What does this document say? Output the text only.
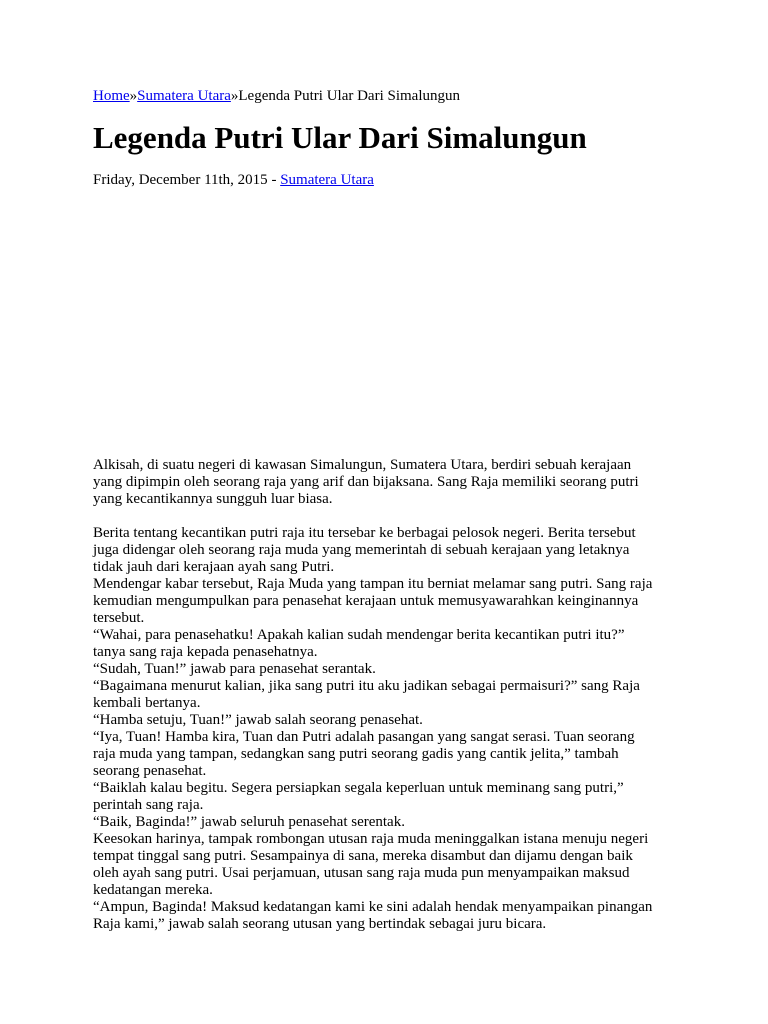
Home»Sumatera Utara»Legenda Putri Ular Dari Simalungun
Legenda Putri Ular Dari Simalungun
Friday, December 11th, 2015 - Sumatera Utara

Alkisah, di suatu negeri di kawasan Simalungun, Sumatera Utara, berdiri sebuah kerajaan
yang dipimpin oleh seorang raja yang arif dan bijaksana. Sang Raja memiliki seorang putri
yang kecantikannya sungguh luar biasa.

Berita tentang kecantikan putri raja itu tersebar ke berbagai pelosok negeri. Berita tersebut
juga didengar oleh seorang raja muda yang memerintah di sebuah kerajaan yang letaknya
tidak jauh dari kerajaan ayah sang Putri.

Mendengar kabar tersebut, Raja Muda yang tampan itu berniat melamar sang putri. Sang raja
kemudian mengumpulkan para penasehat kerajaan untuk memusyawarahkan keinginannya
tersebut.

“Wahai, para penasehatku! Apakah kalian sudah mendengar berita kecantikan putri itu?”
tanya sang raja kepada penasehatnya.

“Sudah, Tuan!” jawab para penasehat serantak.

“Bagaimana menurut kalian, jika sang putri itu aku jadikan sebagai permaisuri?” sang Raja
kembali bertanya.

“Hamba setuju, Tuan!” jawab salah seorang penasehat.

“Iya, Tuan! Hamba kira, Tuan dan Putri adalah pasangan yang sangat serasi. Tuan seorang
raja muda yang tampan, sedangkan sang putri seorang gadis yang cantik jelita,” tambah
seorang penasehat.

“Baiklah kalau begitu. Segera persiapkan segala keperluan untuk meminang sang putri,”
perintah sang raja.

“Baik, Baginda!” jawab seluruh penasehat serentak.

Keesokan harinya, tampak rombongan utusan raja muda meninggalkan istana menuju negeri
tempat tinggal sang putri. Sesampainya di sana, mereka disambut dan dijamu dengan baik
oleh ayah sang putri. Usai perjamuan, utusan sang raja muda pun menyampaikan maksud
kedatangan mereka.

“Ampun, Baginda! Maksud kedatangan kami ke sini adalah hendak menyampaikan pinangan
Raja kami,” jawab salah seorang utusan yang bertindak sebagai juru bicara.
